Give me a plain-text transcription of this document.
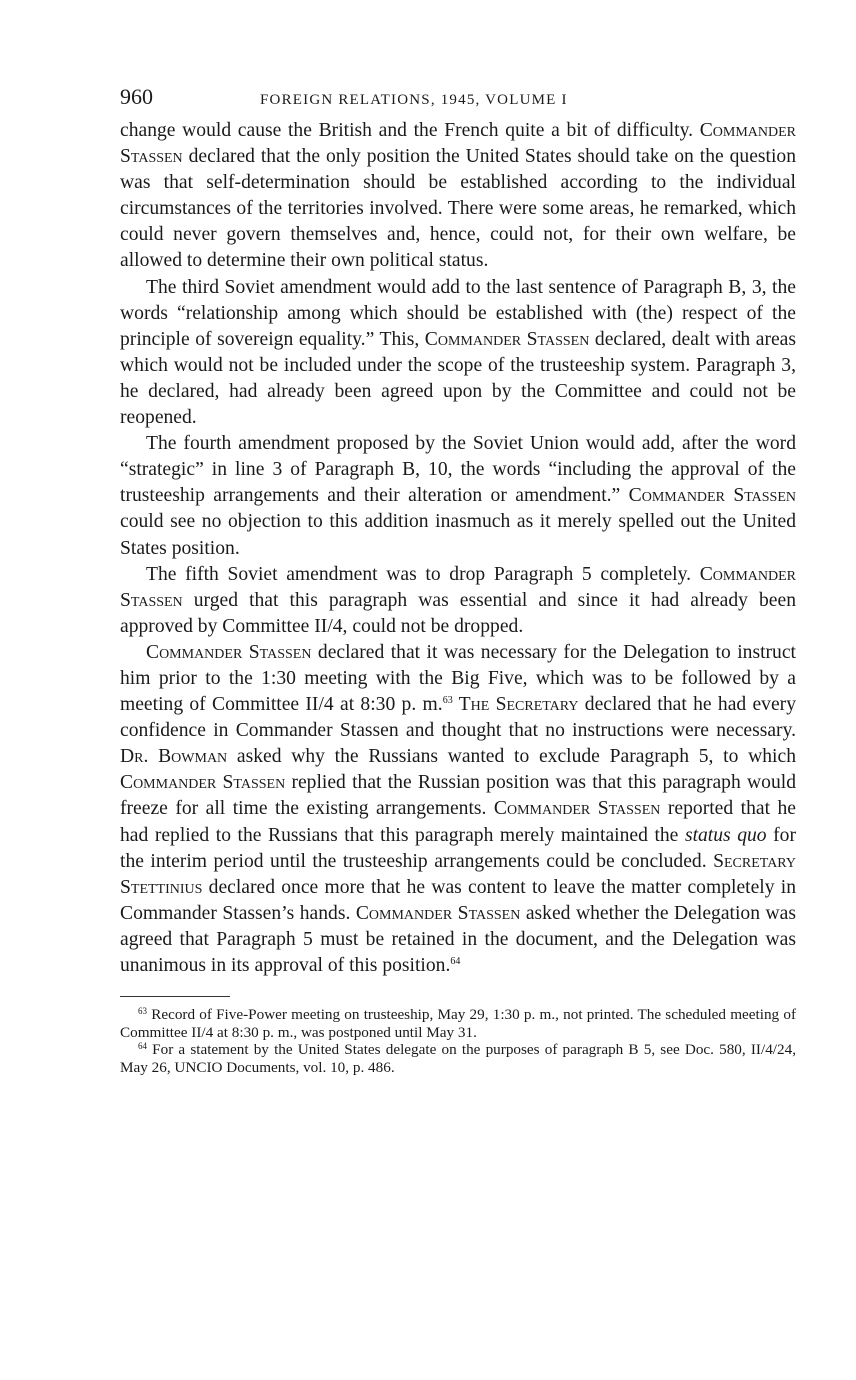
960	FOREIGN RELATIONS, 1945, VOLUME I

change would cause the British and the French quite a bit of difficulty. Commander Stassen declared that the only position the United States should take on the question was that self-determination should be established according to the individual circumstances of the territories involved. There were some areas, he remarked, which could never govern themselves and, hence, could not, for their own welfare, be allowed to determine their own political status.

The third Soviet amendment would add to the last sentence of Paragraph B, 3, the words “relationship among which should be established with (the) respect of the principle of sovereign equality.” This, Commander Stassen declared, dealt with areas which would not be included under the scope of the trusteeship system. Paragraph 3, he declared, had already been agreed upon by the Committee and could not be reopened.

The fourth amendment proposed by the Soviet Union would add, after the word “strategic” in line 3 of Paragraph B, 10, the words “including the approval of the trusteeship arrangements and their alteration or amendment.” Commander Stassen could see no objection to this addition inasmuch as it merely spelled out the United States position.

The fifth Soviet amendment was to drop Paragraph 5 completely. Commander Stassen urged that this paragraph was essential and since it had already been approved by Committee II/4, could not be dropped.

Commander Stassen declared that it was necessary for the Delegation to instruct him prior to the 1:30 meeting with the Big Five, which was to be followed by a meeting of Committee II/4 at 8:30 p. m.$^{63}$ The Secretary declared that he had every confidence in Commander Stassen and thought that no instructions were necessary. Dr. Bowman asked why the Russians wanted to exclude Paragraph 5, to which Commander Stassen replied that the Russian position was that this paragraph would freeze for all time the existing arrangements. Commander Stassen reported that he had replied to the Russians that this paragraph merely maintained the status quo for the interim period until the trusteeship arrangements could be concluded. Secretary Stettinius declared once more that he was content to leave the matter completely in Commander Stassen’s hands. Commander Stassen asked whether the Delegation was agreed that Paragraph 5 must be retained in the document, and the Delegation was unanimous in its approval of this position.$^{64}$

$^{63}$ Record of Five-Power meeting on trusteeship, May 29, 1:30 p. m., not printed. The scheduled meeting of Committee II/4 at 8:30 p. m., was postponed until May 31.

$^{64}$ For a statement by the United States delegate on the purposes of paragraph B 5, see Doc. 580, II/4/24, May 26, UNCIO Documents, vol. 10, p. 486.
